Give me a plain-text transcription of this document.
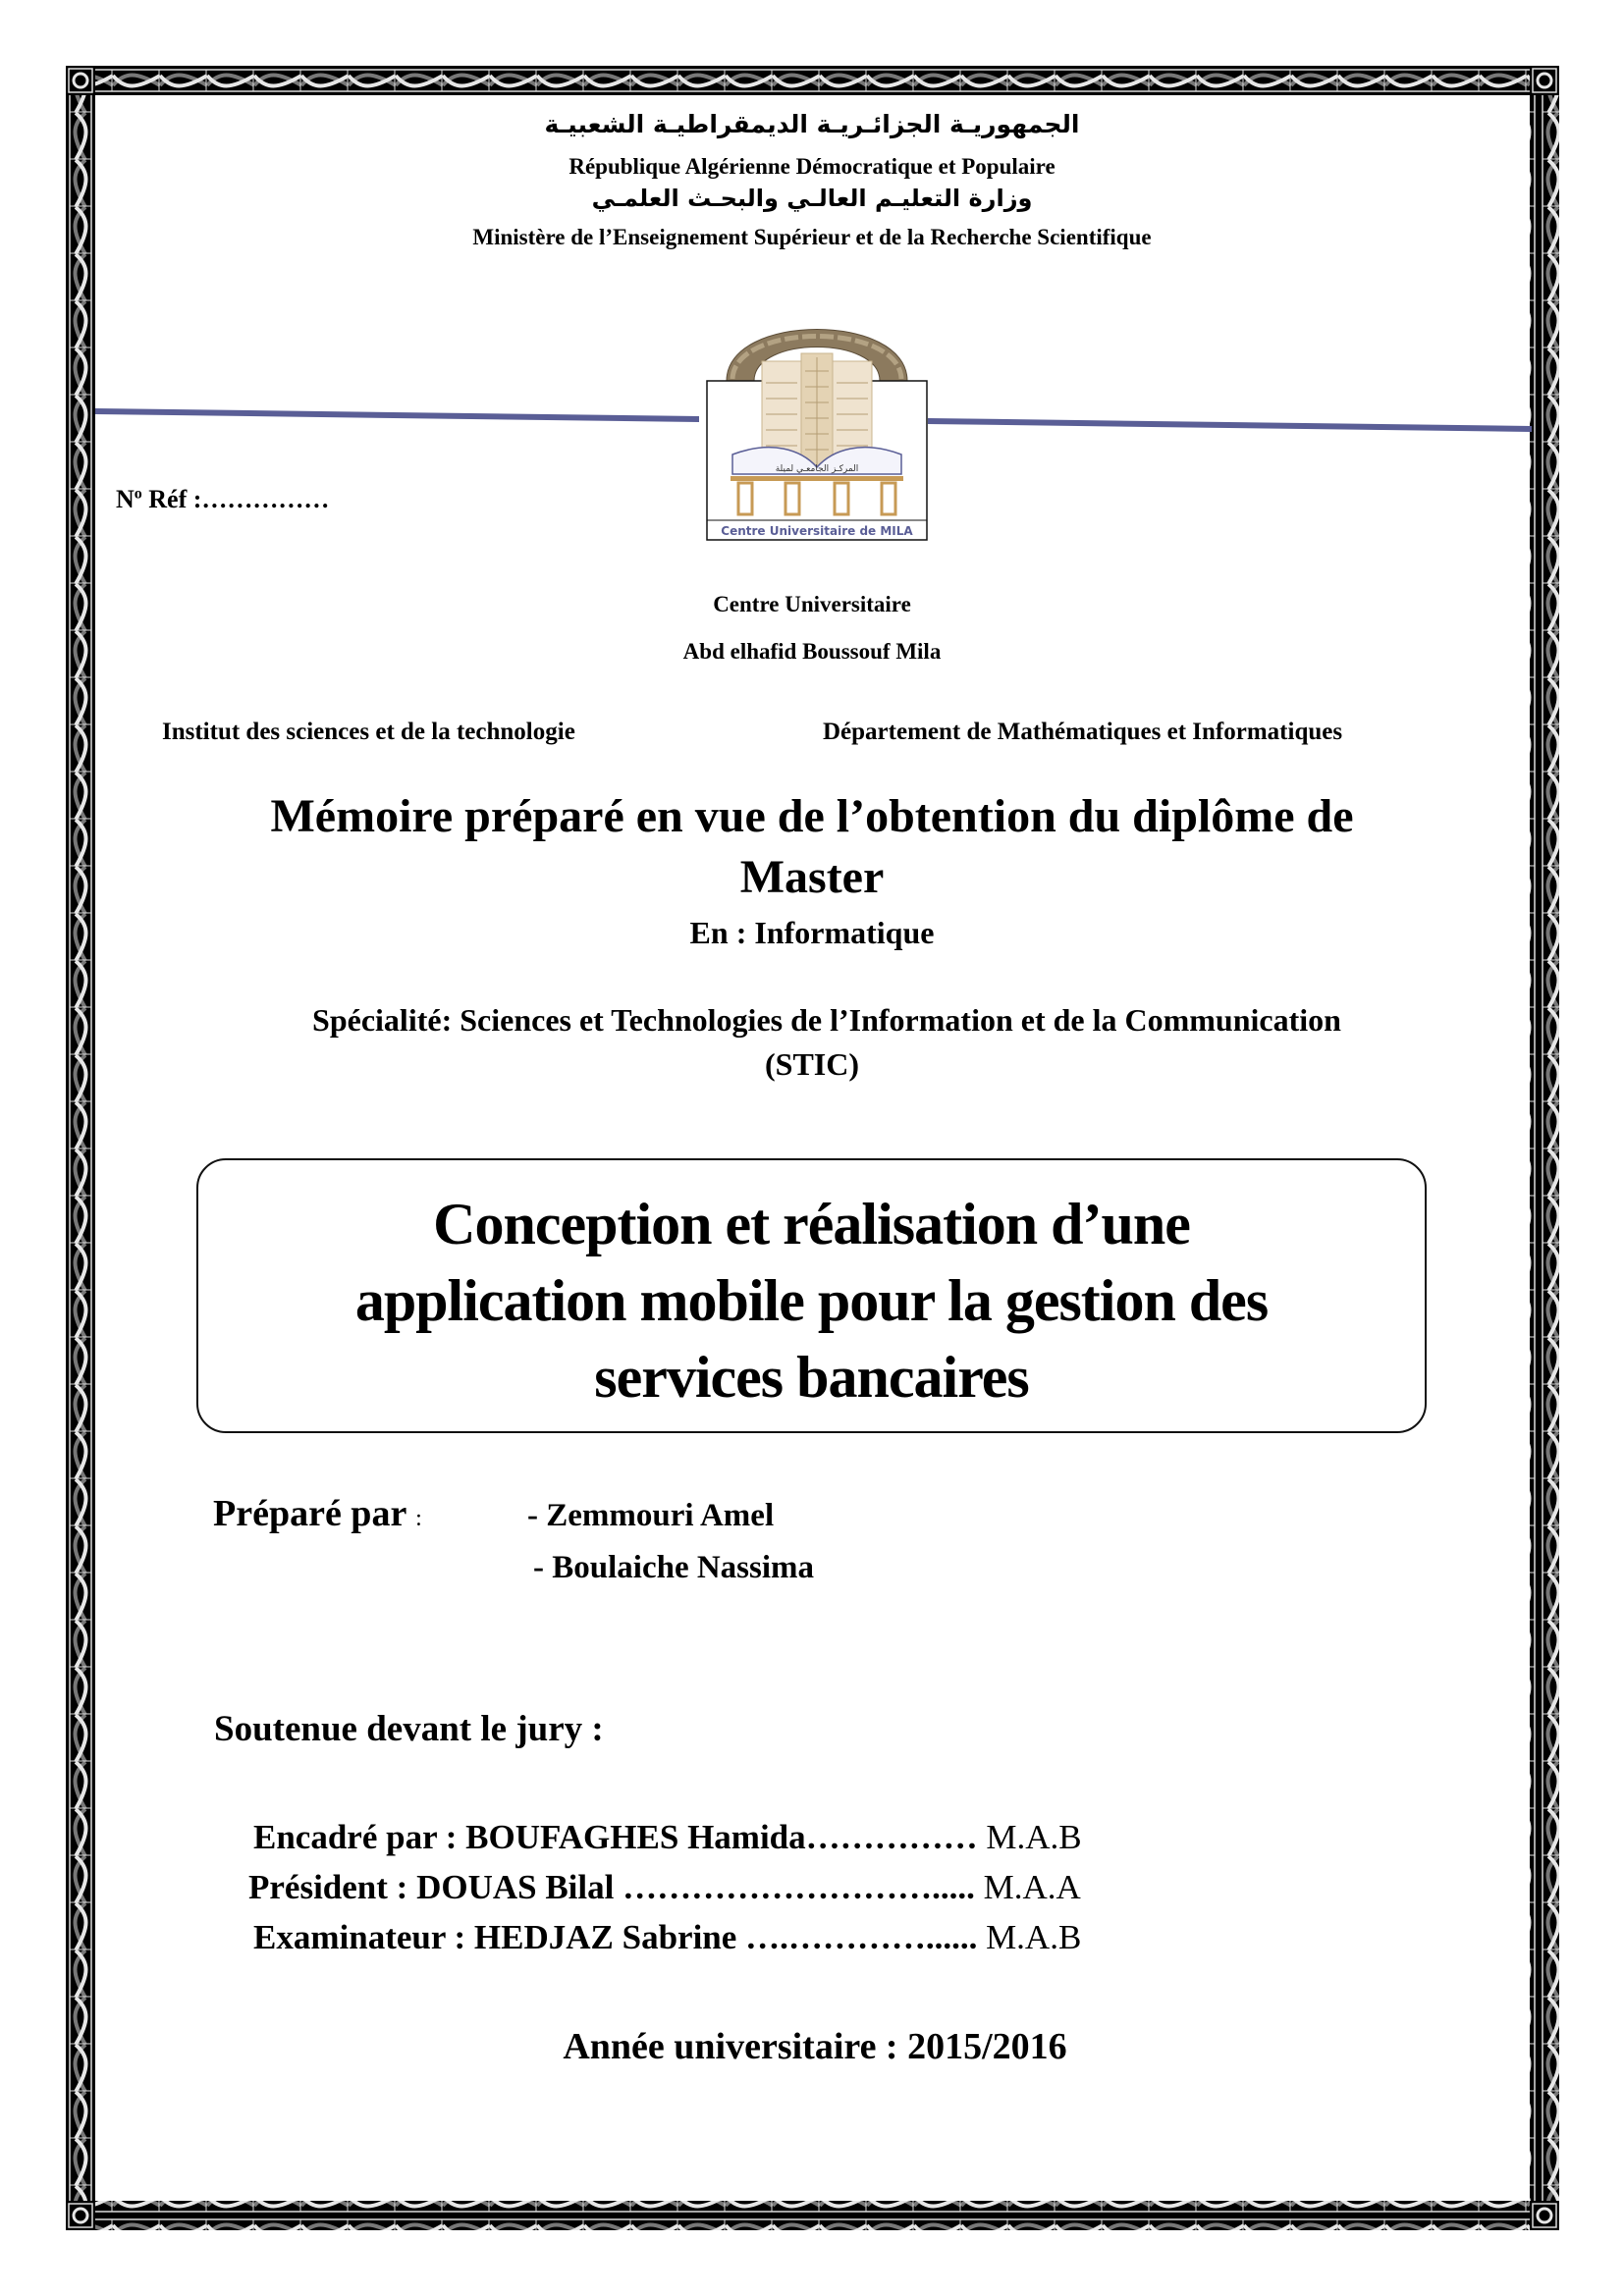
الجمهوريـة الجزائـريـة الديمقراطيـة الشعبيـة
République Algérienne Démocratique et Populaire
وزارة التعليـم العالـي والبحـث العلمـي
Ministère de l’Enseignement Supérieur et de la Recherche Scientifique
المركـز الجامعـي لميلة
Centre Universitaire de MILA
$N^o$ Réf :……………
Centre Universitaire
Abd elhafid Boussouf Mila
Institut des sciences et de la technologie	Département de Mathématiques et Informatiques
Mémoire préparé en vue de l’obtention du diplôme de
Master
En : Informatique
Spécialité: Sciences et Technologies de l’Information et de la Communication
(STIC)
Conception et réalisation d’une
application mobile pour la gestion des
services bancaires
Préparé par :	- Zemmouri Amel
- Boulaiche Nassima
Soutenue devant le jury :
Encadré par : BOUFAGHES Hamida…………… M.A.B
Président : DOUAS Bilal ………………………..... M.A.A
Examinateur : HEDJAZ Sabrine ….…………...... M.A.B
Année universitaire : 2015/2016
